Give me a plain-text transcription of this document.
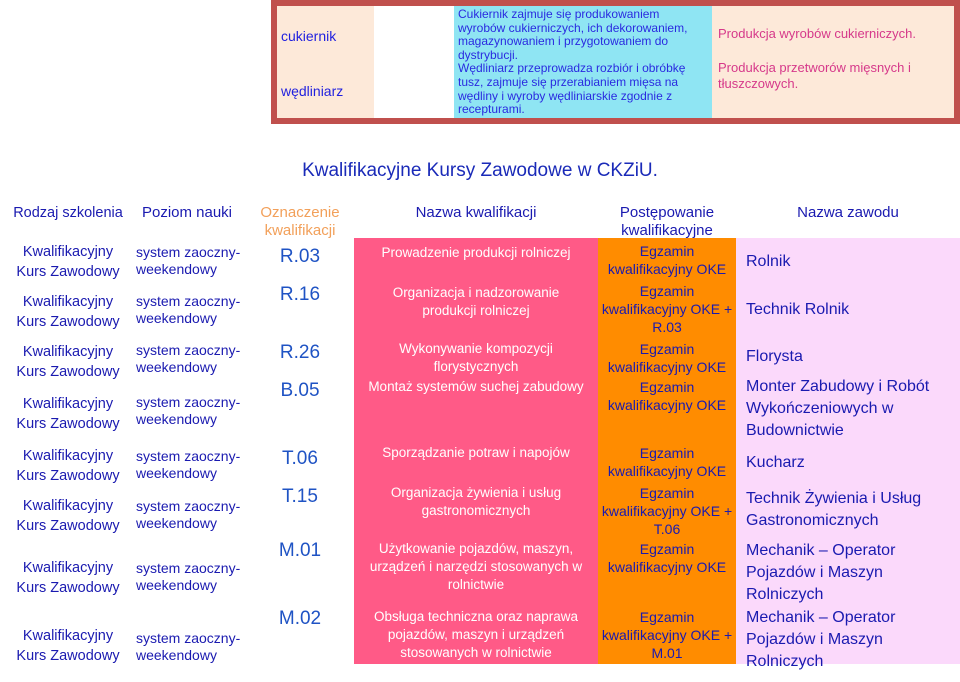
cukiernik
wędliniarz
Cukiernik zajmuje się produkowaniem wyrobów cukierniczych, ich dekorowaniem, magazynowaniem i przygotowaniem do dystrybucji.
Wędliniarz przeprowadza rozbiór i obróbkę tusz, zajmuje się przerabianiem mięsa na wędliny i wyroby wędliniarskie zgodnie z recepturami.
Produkcja wyrobów cukierniczych.
Produkcja przetworów mięsnych i tłuszczowych.
Kwalifikacyjne Kursy Zawodowe w CKZiU.
Rodzaj szkolenia
Kwalifikacyjny Kurs Zawodowy
Kwalifikacyjny Kurs Zawodowy
Kwalifikacyjny Kurs Zawodowy
Kwalifikacyjny Kurs Zawodowy
Kwalifikacyjny Kurs Zawodowy
Kwalifikacyjny Kurs Zawodowy
Kwalifikacyjny Kurs Zawodowy
Kwalifikacyjny Kurs Zawodowy
Poziom nauki
system zaoczny-weekendowy
system zaoczny-weekendowy
system zaoczny-weekendowy
system zaoczny-weekendowy
system zaoczny-weekendowy
system zaoczny-weekendowy
system zaoczny-weekendowy
system zaoczny-weekendowy
Oznaczenie kwalifikacji
R.03
R.16
R.26
B.05
T.06
T.15
M.01
M.02
Nazwa kwalifikacji
Prowadzenie produkcji rolniczej
Organizacja i nadzorowanie produkcji rolniczej
Wykonywanie kompozycji florystycznych
Montaż systemów suchej zabudowy
Sporządzanie potraw i napojów
Organizacja żywienia i usług gastronomicznych
Użytkowanie pojazdów, maszyn, urządzeń i narzędzi stosowanych w rolnictwie
Obsługa techniczna oraz naprawa pojazdów, maszyn i urządzeń stosowanych w rolnictwie
Postępowanie kwalifikacyjne
Egzamin kwalifikacyjny OKE
Egzamin kwalifikacyjny OKE + R.03
Egzamin kwalifikacyjny OKE
Egzamin kwalifikacyjny OKE
Egzamin kwalifikacyjny OKE
Egzamin kwalifikacyjny OKE + T.06
Egzamin kwalifikacyjny OKE
Egzamin kwalifikacyjny OKE + M.01
Nazwa zawodu
Rolnik
Technik Rolnik
Florysta
Monter Zabudowy i Robót Wykończeniowych w Budownictwie
Kucharz
Technik Żywienia i Usług Gastronomicznych
Mechanik – Operator Pojazdów i Maszyn Rolniczych
Mechanik – Operator Pojazdów i Maszyn Rolniczych
